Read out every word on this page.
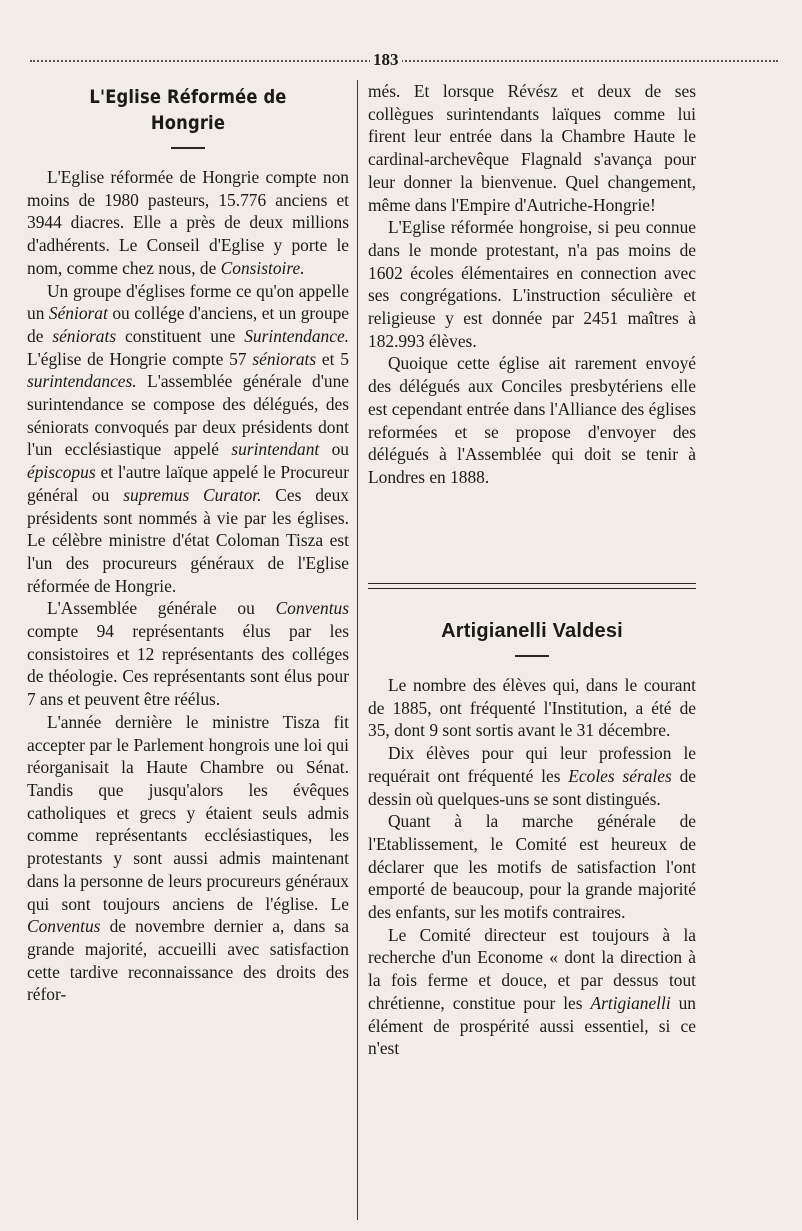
183
L'Eglise Réformée de Hongrie

L'Eglise réformée de Hongrie compte non moins de 1980 pasteurs, 15.776 anciens et 3944 diacres. Elle a près de deux millions d'adhérents. Le Conseil d'Eglise y porte le nom, comme chez nous, de Consistoire.

Un groupe d'églises forme ce qu'on appelle un Séniorat ou collége d'anciens, et un groupe de séniorats constituent une Surintendance. L'église de Hongrie compte 57 séniorats et 5 surintendances. L'assemblée générale d'une surintendance se compose des délégués, des séniorats convoqués par deux présidents dont l'un ecclésiastique appelé surintendant ou épiscopus et l'autre laïque appelé le Procureur général ou supremus Curator. Ces deux présidents sont nommés à vie par les églises. Le célèbre ministre d'état Coloman Tisza est l'un des procureurs généraux de l'Eglise réformée de Hongrie.

L'Assemblée générale ou Conventus compte 94 représentants élus par les consistoires et 12 représentants des colléges de théologie. Ces représentants sont élus pour 7 ans et peuvent être réélus.

L'année dernière le ministre Tisza fit accepter par le Parlement hongrois une loi qui réorganisait la Haute Chambre ou Sénat. Tandis que jusqu'alors les évêques catholiques et grecs y étaient seuls admis comme représentants ecclésiastiques, les protestants y sont aussi admis maintenant dans la personne de leurs procureurs généraux qui sont toujours anciens de l'église. Le Conventus de novembre dernier a, dans sa grande majorité, accueilli avec satisfaction cette tardive reconnaissance des droits des réfor-

més. Et lorsque Révész et deux de ses collègues surintendants laïques comme lui firent leur entrée dans la Chambre Haute le cardinal-archevêque Flagnald s'avança pour leur donner la bienvenue. Quel changement, même dans l'Empire d'Autriche-Hongrie!

L'Eglise réformée hongroise, si peu connue dans le monde protestant, n'a pas moins de 1602 écoles élémentaires en connection avec ses congrégations. L'instruction séculière et religieuse y est donnée par 2451 maîtres à 182.993 élèves.

Quoique cette église ait rarement envoyé des délégués aux Conciles presbytériens elle est cependant entrée dans l'Alliance des églises reformées et se propose d'envoyer des délégués à l'Assemblée qui doit se tenir à Londres en 1888.

Artigianelli Valdesi

Le nombre des élèves qui, dans le courant de 1885, ont fréquenté l'Institution, a été de 35, dont 9 sont sortis avant le 31 décembre.

Dix élèves pour qui leur profession le requérait ont fréquenté les Ecoles sérales de dessin où quelques-uns se sont distingués.

Quant à la marche générale de l'Etablissement, le Comité est heureux de déclarer que les motifs de satisfaction l'ont emporté de beaucoup, pour la grande majorité des enfants, sur les motifs contraires.

Le Comité directeur est toujours à la recherche d'un Econome « dont la direction à la fois ferme et douce, et par dessus tout chrétienne, constitue pour les Artigianelli un élément de prospérité aussi essentiel, si ce n'est
